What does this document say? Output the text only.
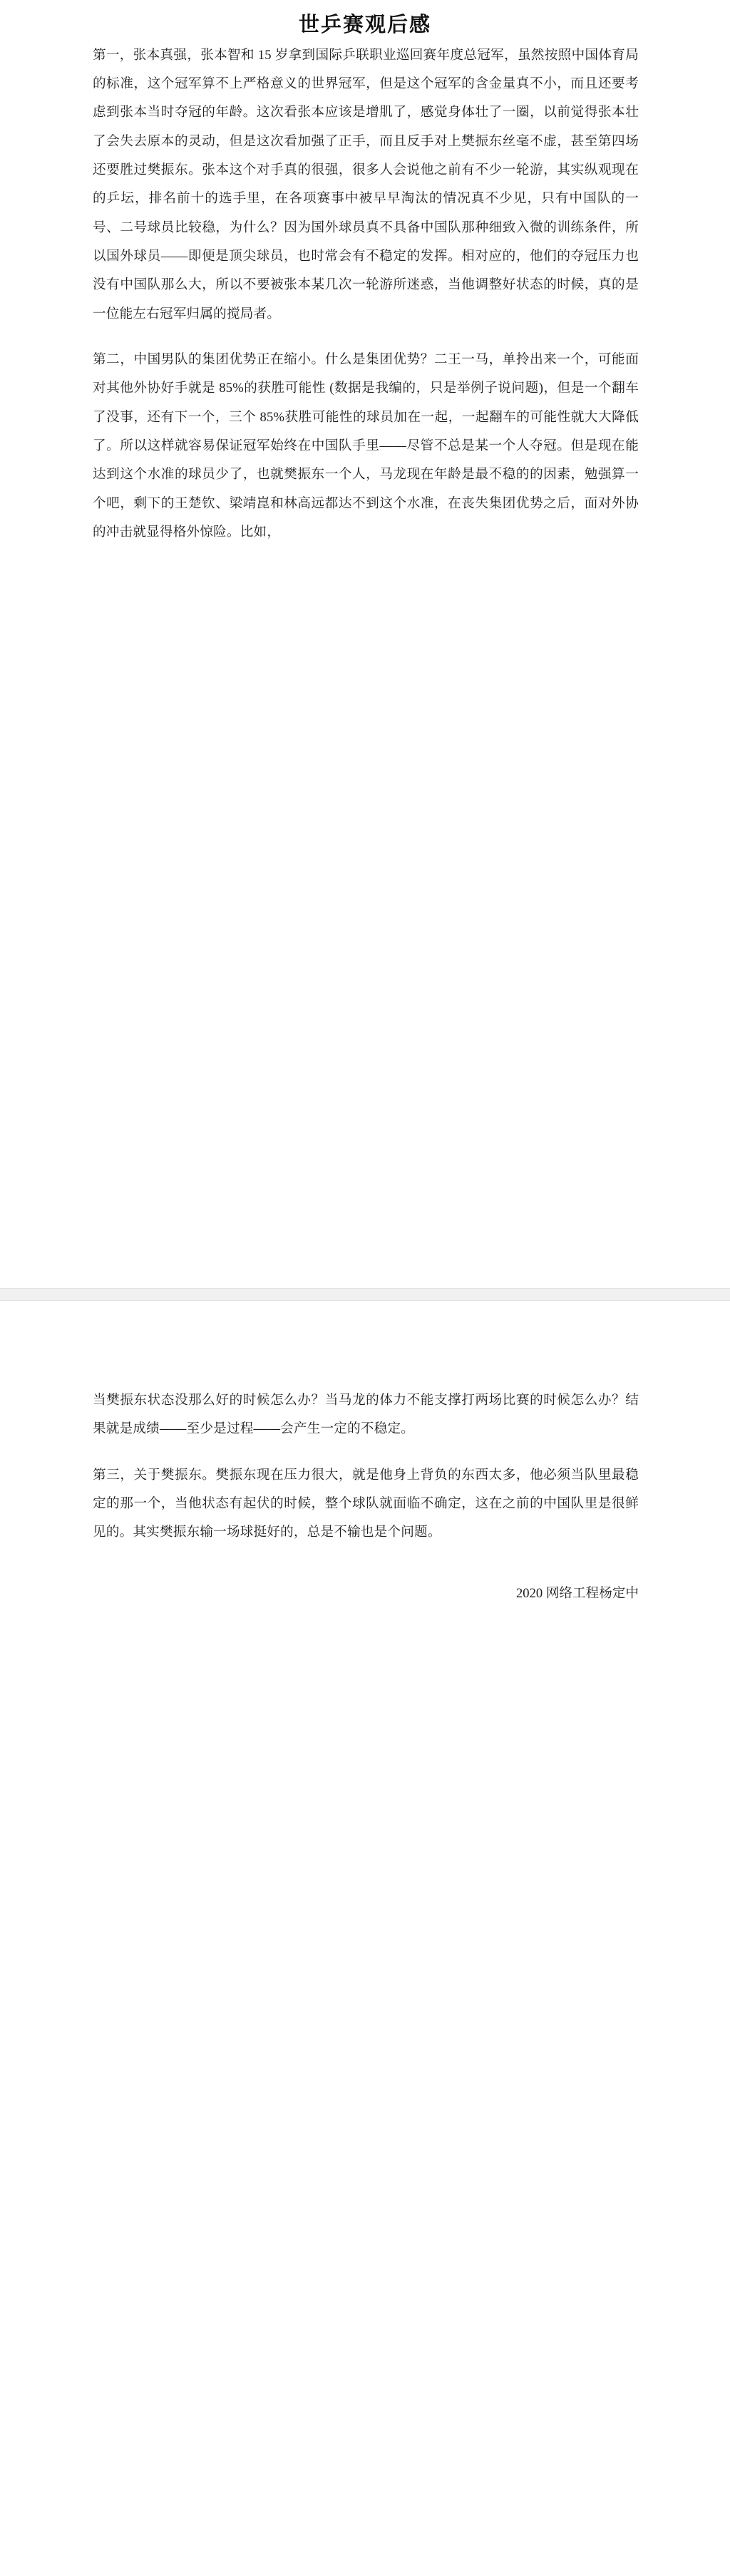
世乒赛观后感

第一，张本真强，张本智和 15 岁拿到国际乒联职业巡回赛年度总冠军，虽然按照中国体育局的标准，这个冠军算不上严格意义的世界冠军，但是这个冠军的含金量真不小，而且还要考虑到张本当时夺冠的年龄。这次看张本应该是增肌了，感觉身体壮了一圈，以前觉得张本壮了会失去原本的灵动，但是这次看加强了正手，而且反手对上樊振东丝毫不虚，甚至第四场还要胜过樊振东。张本这个对手真的很强，很多人会说他之前有不少一轮游，其实纵观现在的乒坛，排名前十的选手里，在各项赛事中被早早淘汰的情况真不少见，只有中国队的一号、二号球员比较稳，为什么？因为国外球员真不具备中国队那种细致入微的训练条件，所以国外球员——即便是顶尖球员，也时常会有不稳定的发挥。相对应的，他们的夺冠压力也没有中国队那么大，所以不要被张本某几次一轮游所迷惑，当他调整好状态的时候，真的是一位能左右冠军归属的搅局者。

第二，中国男队的集团优势正在缩小。什么是集团优势？二王一马，单拎出来一个，可能面对其他外协好手就是 85%的获胜可能性 (数据是我编的，只是举例子说问题)，但是一个翻车了没事，还有下一个，三个 85%获胜可能性的球员加在一起，一起翻车的可能性就大大降低了。所以这样就容易保证冠军始终在中国队手里——尽管不总是某一个人夺冠。但是现在能达到这个水准的球员少了，也就樊振东一个人，马龙现在年龄是最不稳的的因素，勉强算一个吧，剩下的王楚钦、梁靖崑和林高远都达不到这个水准，在丧失集团优势之后，面对外协的冲击就显得格外惊险。比如，

当樊振东状态没那么好的时候怎么办？当马龙的体力不能支撑打两场比赛的时候怎么办？结果就是成绩——至少是过程——会产生一定的不稳定。

第三，关于樊振东。樊振东现在压力很大，就是他身上背负的东西太多，他必须当队里最稳定的那一个，当他状态有起伏的时候，整个球队就面临不确定，这在之前的中国队里是很鲜见的。其实樊振东输一场球挺好的，总是不输也是个问题。

2020 网络工程杨定中
